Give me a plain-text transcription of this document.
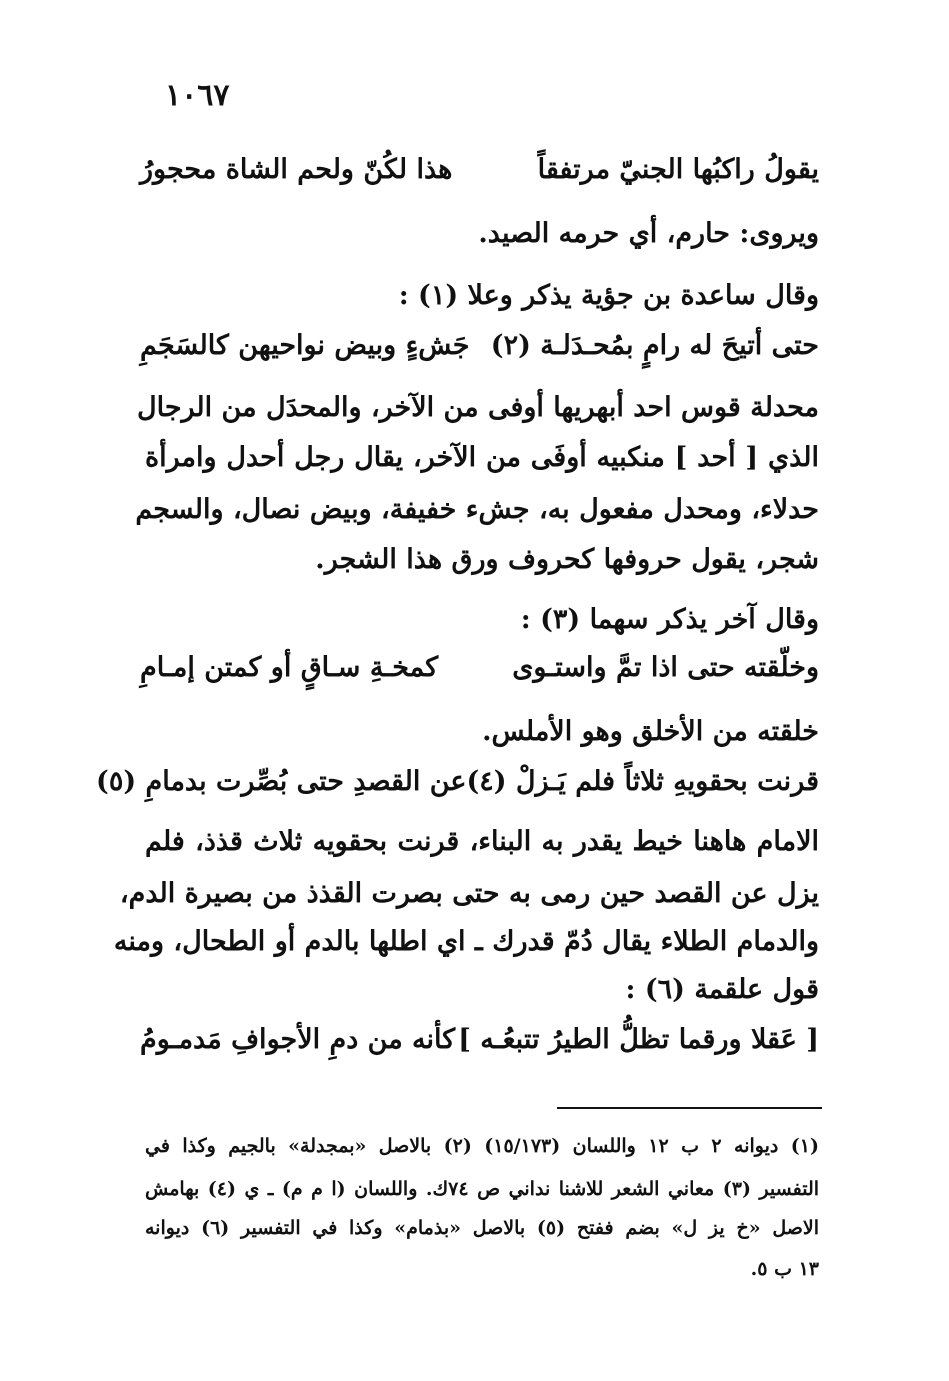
١٠٦٧
يقولُ راكبُها الجنيّ مرتفقاً
هذا لكُنّ ولحم الشاة محجورُ
ويروى: حارم، أي حرمه الصيد.
وقال ساعدة بن جؤية يذكر وعلا (١) :
حتى أتيحَ له رامٍ بمُحـدَلـة (٢)
جَشءٍ وبيض نواحيهن كالسَجَمِ
محدلة قوس احد أبهريها أوفى من الآخر، والمحدَل من الرجال
الذي [ أحد ] منكبيه أوفَى من الآخر، يقال رجل أحدل وامرأة
حدلاء، ومحدل مفعول به، جشء خفيفة، وبيض نصال، والسجم
شجر، يقول حروفها كحروف ورق هذا الشجر.
وقال آخر يذكر سهما (٣) :
وخلّقته حتى اذا تمَّ واستـوى
كمخـةِ سـاقٍ أو كمتن إمـامِ
خلقته من الأخلق وهو الأملس.
قرنت بحقويهِ ثلاثاً فلم يَـزلْ (٤)
عن القصدِ حتى بُصِّرت بدمامِ (٥)
الامام هاهنا خيط يقدر به البناء، قرنت بحقويه ثلاث قذذ، فلم
يزل عن القصد حين رمى به حتى بصرت القذذ من بصيرة الدم،
والدمام الطلاء يقال دُمّ قدرك ـ اي اطلها بالدم أو الطحال، ومنه
قول علقمة (٦) :
[ عَقلا ورقما تظلُّ الطيرُ تتبعُـه ]
كأنه من دمِ الأجوافِ مَدمـومُ
(١) ديوانه ٢ ب ١٢ واللسان (١٥/١٧٣) (٢) بالاصل «بمجدلة» بالجيم وكذا في
التفسير (٣) معاني الشعر للاشنا نداني ص ٧٤ك. واللسان (ا م م) ـ ي (٤) بهامش
الاصل «خ يز ل» بضم ففتح (٥) بالاصل «بذمام» وكذا في التفسير (٦) ديوانه
١٣ ب ٥.
